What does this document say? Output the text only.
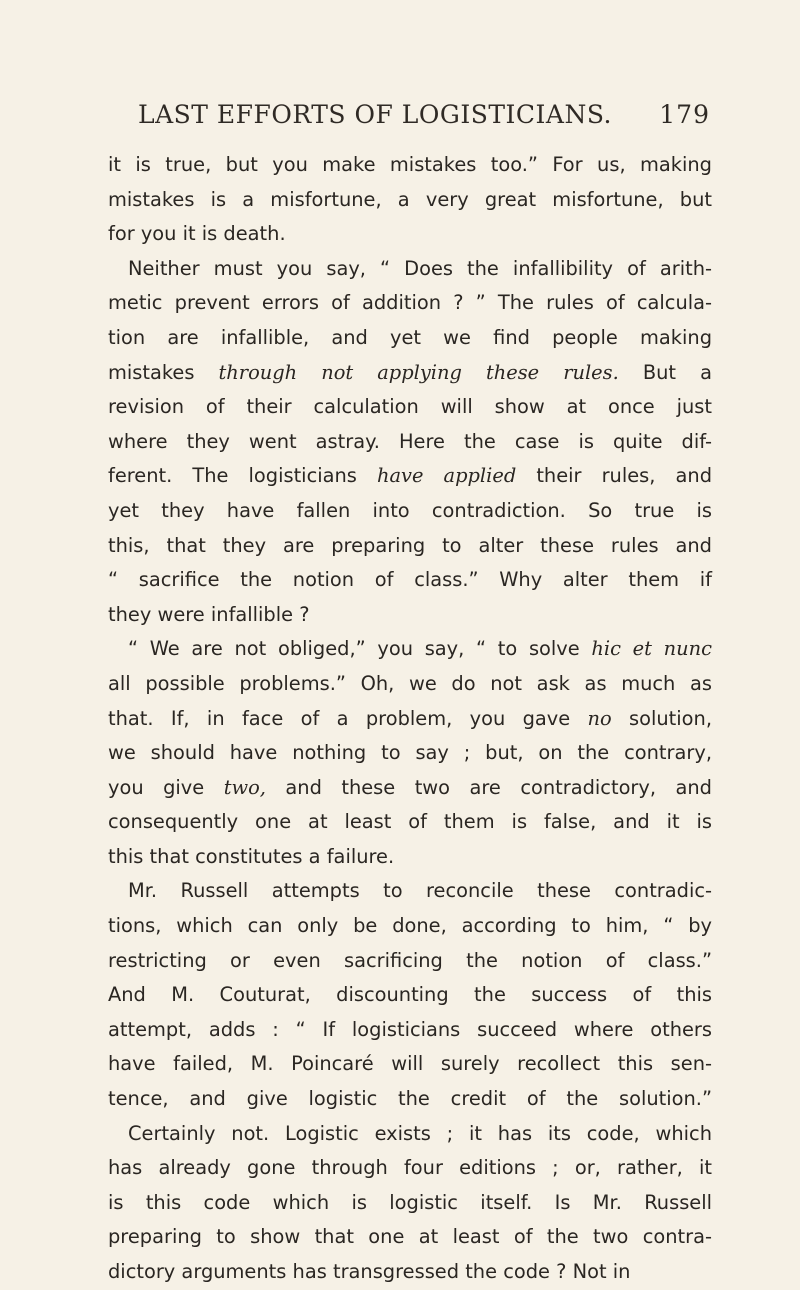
LAST EFFORTS OF LOGISTICIANS. 179
it is true, but you make mistakes too.” For us, making
mistakes is a misfortune, a very great misfortune, but
for you it is death.
Neither must you say, “ Does the infallibility of arith-
metic prevent errors of addition ? ” The rules of calcula-
tion are infallible, and yet we find people making
mistakes through not applying these rules. But a
revision of their calculation will show at once just
where they went astray. Here the case is quite dif-
ferent. The logisticians have applied their rules, and
yet they have fallen into contradiction. So true is
this, that they are preparing to alter these rules and
“ sacrifice the notion of class.” Why alter them if
they were infallible ?
“ We are not obliged,” you say, “ to solve hic et nunc
all possible problems.” Oh, we do not ask as much as
that. If, in face of a problem, you gave no solution,
we should have nothing to say ; but, on the contrary,
you give two, and these two are contradictory, and
consequently one at least of them is false, and it is
this that constitutes a failure.
Mr. Russell attempts to reconcile these contradic-
tions, which can only be done, according to him, “ by
restricting or even sacrificing the notion of class.”
And M. Couturat, discounting the success of this
attempt, adds : “ If logisticians succeed where others
have failed, M. Poincaré will surely recollect this sen-
tence, and give logistic the credit of the solution.”
Certainly not. Logistic exists ; it has its code, which
has already gone through four editions ; or, rather, it
is this code which is logistic itself. Is Mr. Russell
preparing to show that one at least of the two contra-
dictory arguments has transgressed the code ? Not in
